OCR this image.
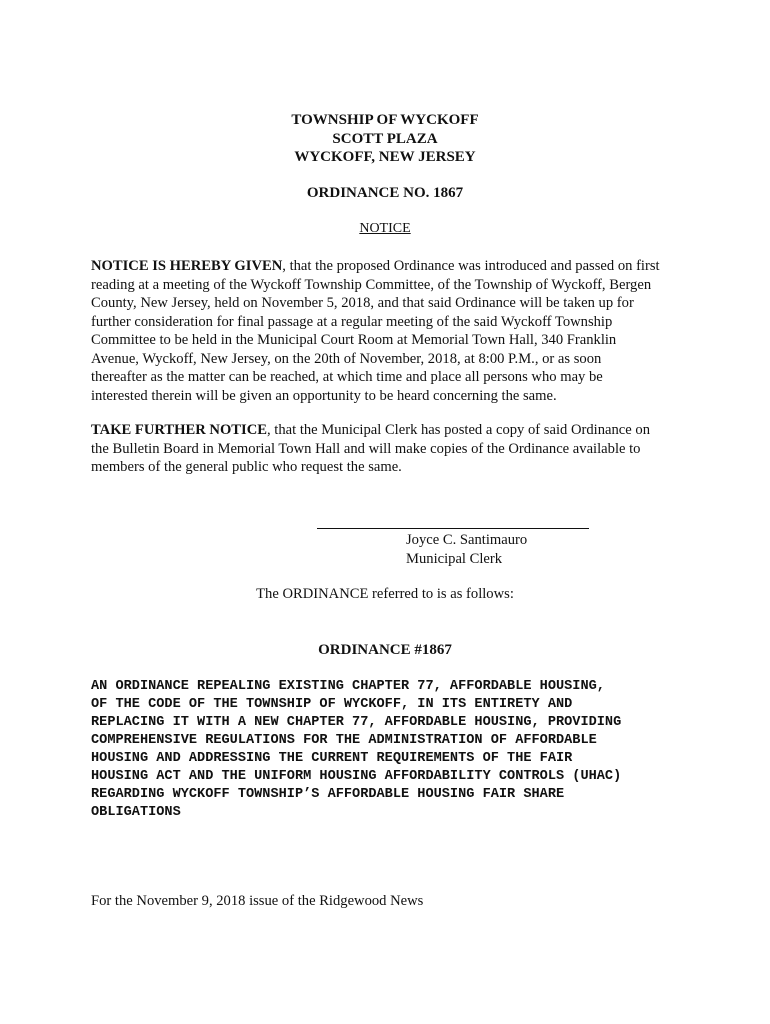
TOWNSHIP OF WYCKOFF
SCOTT PLAZA
WYCKOFF, NEW JERSEY
ORDINANCE NO. 1867
NOTICE
NOTICE IS HEREBY GIVEN, that the proposed Ordinance was introduced and passed on first
reading at a meeting of the Wyckoff Township Committee, of the Township of Wyckoff, Bergen
County, New Jersey, held on November 5, 2018, and that said Ordinance will be taken up for
further consideration for final passage at a regular meeting of the said Wyckoff Township
Committee to be held in the Municipal Court Room at Memorial Town Hall, 340 Franklin
Avenue, Wyckoff, New Jersey, on the 20th of November, 2018, at 8:00 P.M., or as soon
thereafter as the matter can be reached, at which time and place all persons who may be
interested therein will be given an opportunity to be heard concerning the same.
TAKE FURTHER NOTICE, that the Municipal Clerk has posted a copy of said Ordinance on
the Bulletin Board in Memorial Town Hall and will make copies of the Ordinance available to
members of the general public who request the same.
Joyce C. Santimauro
Municipal Clerk
The ORDINANCE referred to is as follows:
ORDINANCE #1867
AN ORDINANCE REPEALING EXISTING CHAPTER 77, AFFORDABLE HOUSING,
OF THE CODE OF THE TOWNSHIP OF WYCKOFF, IN ITS ENTIRETY AND
REPLACING IT WITH A NEW CHAPTER 77, AFFORDABLE HOUSING, PROVIDING
COMPREHENSIVE REGULATIONS FOR THE ADMINISTRATION OF AFFORDABLE
HOUSING AND ADDRESSING THE CURRENT REQUIREMENTS OF THE FAIR
HOUSING ACT AND THE UNIFORM HOUSING AFFORDABILITY CONTROLS (UHAC)
REGARDING WYCKOFF TOWNSHIP’S AFFORDABLE HOUSING FAIR SHARE
OBLIGATIONS
For the November 9, 2018 issue of the Ridgewood News
